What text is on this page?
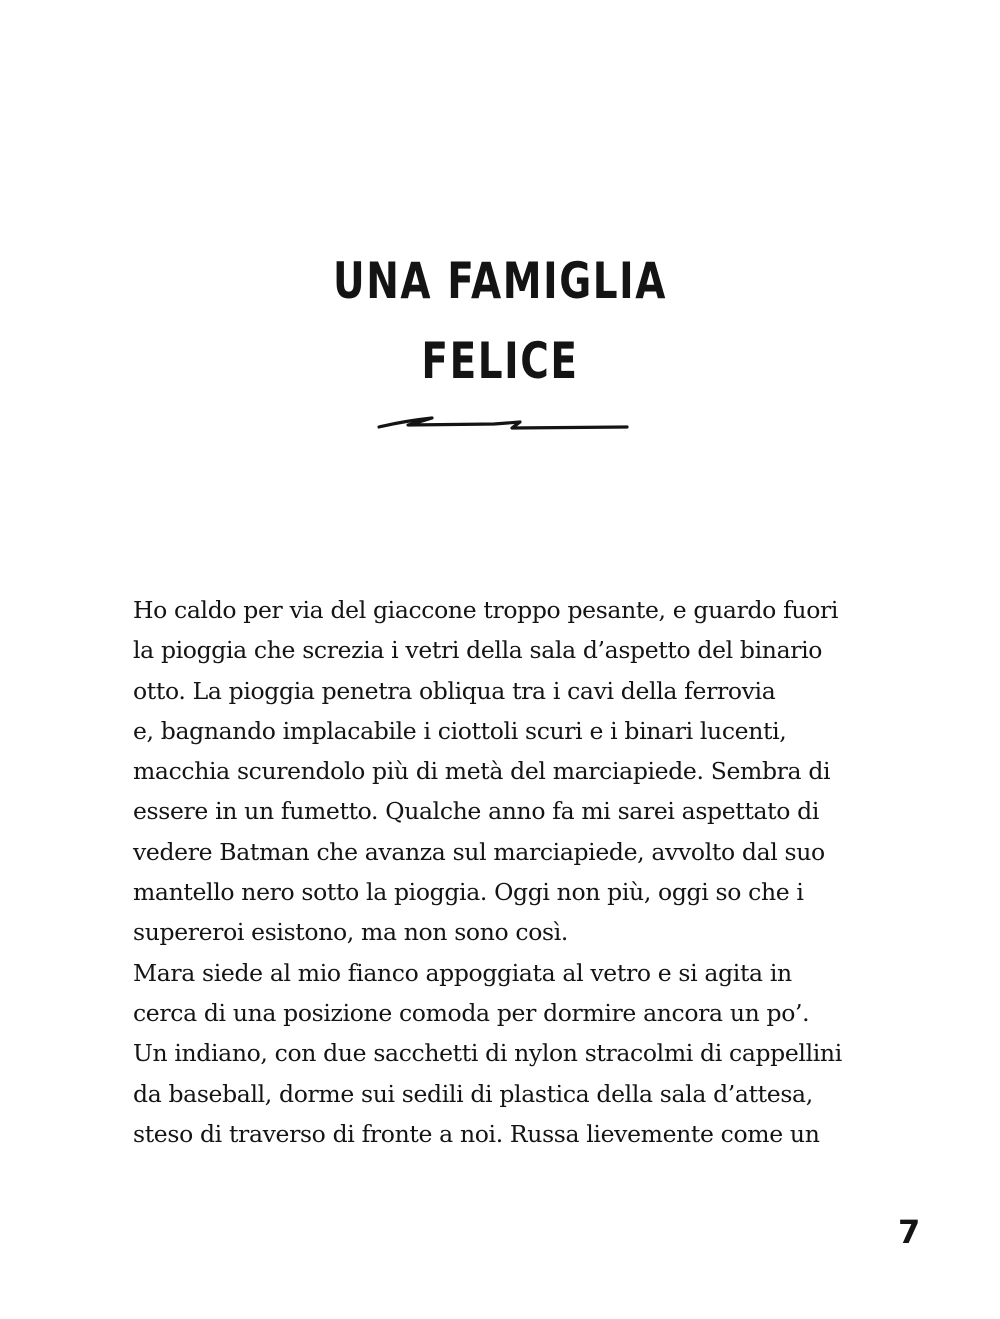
UNA FAMIGLIA
FELICE
Ho caldo per via del giaccone troppo pesante, e guardo fuori
la pioggia che screzia i vetri della sala d’aspetto del binario
otto. La pioggia penetra obliqua tra i cavi della ferrovia
e, bagnando implacabile i ciottoli scuri e i binari lucenti,
macchia scurendolo più di metà del marciapiede. Sembra di
essere in un fumetto. Qualche anno fa mi sarei aspettato di
vedere Batman che avanza sul marciapiede, avvolto dal suo
mantello nero sotto la pioggia. Oggi non più, oggi so che i
supereroi esistono, ma non sono così.
Mara siede al mio fianco appoggiata al vetro e si agita in
cerca di una posizione comoda per dormire ancora un po’.
Un indiano, con due sacchetti di nylon stracolmi di cappellini
da baseball, dorme sui sedili di plastica della sala d’attesa,
steso di traverso di fronte a noi. Russa lievemente come un
7
